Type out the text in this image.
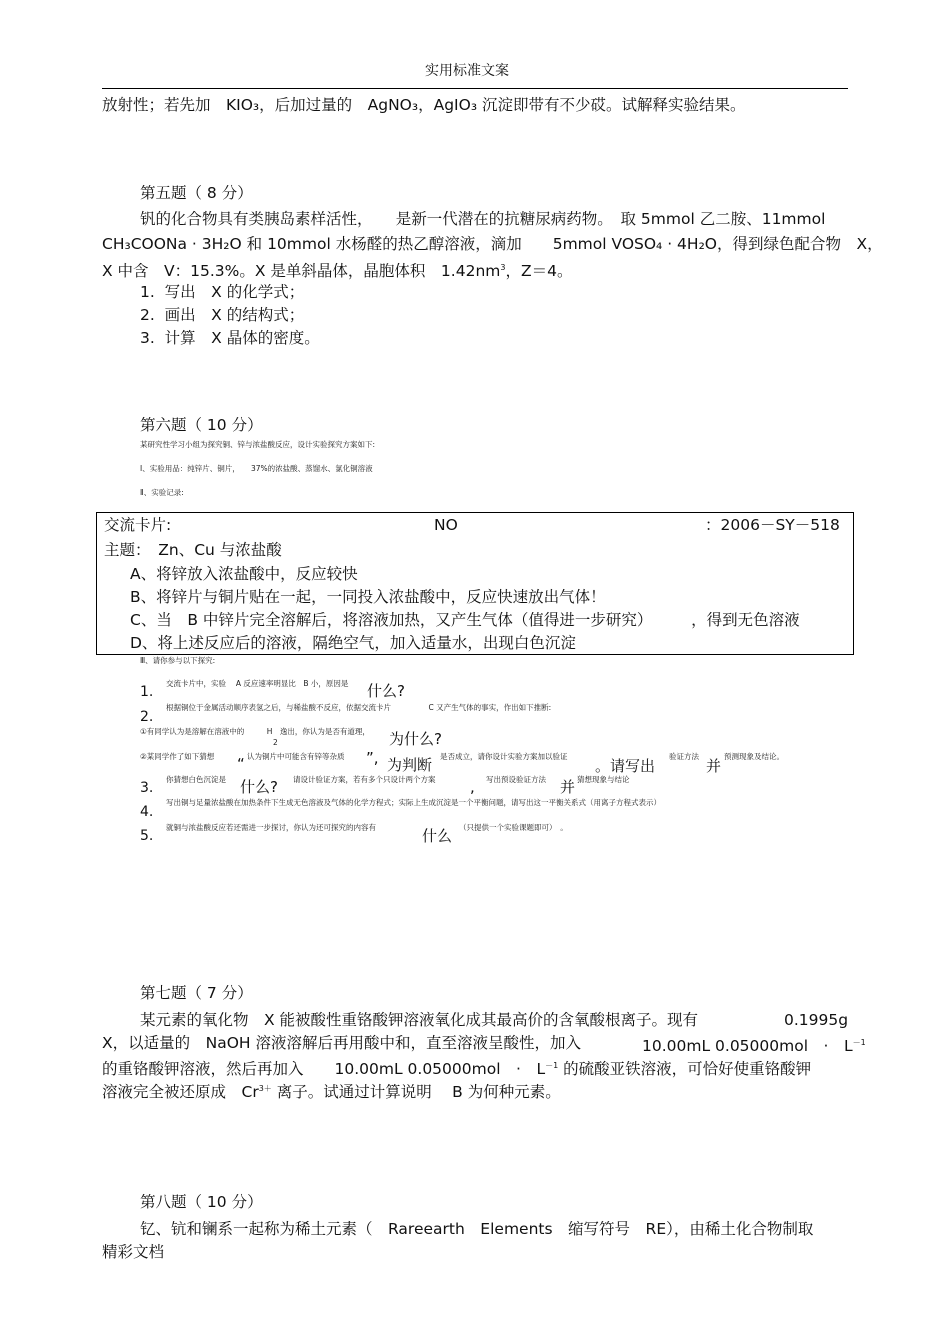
实用标准文案
放射性；若先加　KIO₃，后加过量的　AgNO₃，AgIO₃ 沉淀即带有不少砹。试解释实验结果。
第五题（ 8 分）
钒的化合物具有类胰岛素样活性，　　是新一代潜在的抗糖尿病药物。　取 5mmol 乙二胺、11mmol
CH₃COONa · 3H₂O 和 10mmol 水杨醛的热乙醇溶液，滴加　　5mmol VOSO₄ · 4H₂O，得到绿色配合物　X，
X 中含　V：15.3%。X 是单斜晶体，晶胞体积　$1.42nm^3$，Z＝4。
1. 写出　X 的化学式；
2. 画出　X 的结构式；
3. 计算　X 晶体的密度。
第六题（ 10 分）
某研究性学习小组为探究铜、锌与浓盐酸反应，设计实验探究方案如下:
Ⅰ、实验用品：纯锌片、铜片，　　37%的浓盐酸、蒸馏水、氯化铜溶液
Ⅱ、实验记录:
交流卡片:	NO	：2006－SY－518
主题：　Zn、Cu 与浓盐酸
A、将锌放入浓盐酸中，反应较快
B、将锌片与铜片贴在一起，一同投入浓盐酸中，反应快速放出气体！
C、当　B 中锌片完全溶解后，将溶液加热，又产生气体（值得进一步研究）　　　，得到无色溶液
D、将上述反应后的溶液，隔绝空气，加入适量水，出现白色沉淀
Ⅲ、请你参与以下探究:
1.
交流卡片中，实验　 A 反应速率明显比　B 小，原因是 什么?
2.
根据铜位于金属活动顺序表氢之后，与稀盐酸不反应，依据交流卡片　　　　　C 又产生气体的事实，作出如下推断:
①有同学认为是溶解在溶液中的　　　H　逸出，你认为是否有道理，
2	为什么?
②某同学作了如下猜想 “ 认为铜片中可能含有锌等杂质 ”, 为判断 是否成立，请你设计实验方案加以验证
。请写出
验证方法
并
预测现象及结论。
3.
你猜想白色沉淀是 什么? 请设计验证方案，若有多个只设计两个方案 , 写出预设验证方法 并 猜想现象与结论
4.
写出铜与足量浓盐酸在加热条件下生成无色溶液及气体的化学方程式；实际上生成沉淀是一个平衡问题，请写出这一平衡关系式（用离子方程式表示）
5.
就铜与浓盐酸反应若还需进一步探讨，你认为还可探究的内容有	什么 （只提供一个实验课题即可）　。
第七题（ 7 分）
某元素的氧化物　X 能被酸性重铬酸钾溶液氧化成其最高价的含氧酸根离子。现有	0.1995g
X，以适量的　NaOH 溶液溶解后再用酸中和，直至溶液呈酸性，加入	10.00mL 0.05000mol　·　$L^{-1}$
的重铬酸钾溶液，然后再加入　　10.00mL 0.05000mol　·　$L^{-1}$ 的硫酸亚铁溶液，可恰好使重铬酸钾
溶液完全被还原成　$Cr^{3+}$ 离子。试通过计算说明　 B 为何种元素。
第八题（ 10 分）
钇、钪和镧系一起称为稀土元素（　Rareearth　Elements　缩写符号　RE），由稀土化合物制取
精彩文档
